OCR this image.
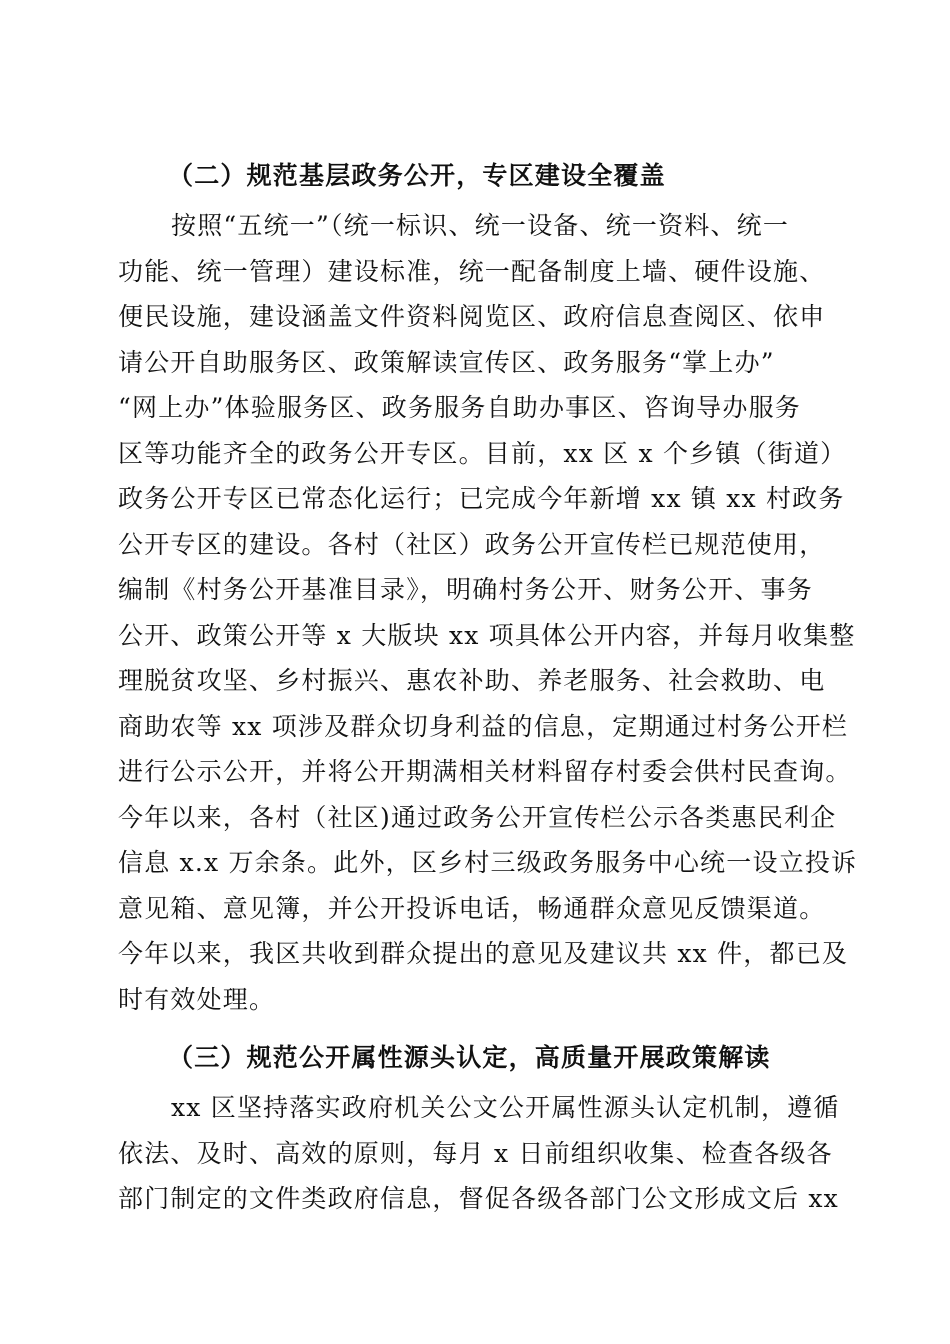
（二）规范基层政务公开，专区建设全覆盖

按照“五统一”（统一标识、统一设备、统一资料、统一

功能、统一管理）建设标准，统一配备制度上墙、硬件设施、

便民设施，建设涵盖文件资料阅览区、政府信息查阅区、依申

请公开自助服务区、政策解读宣传区、政务服务“掌上办”

“网上办”体验服务区、政务服务自助办事区、咨询导办服务

区等功能齐全的政务公开专区。目前，xx 区 x 个乡镇（街道）

政务公开专区已常态化运行；已完成今年新增 xx 镇 xx 村政务

公开专区的建设。各村（社区）政务公开宣传栏已规范使用，

编制《村务公开基准目录》，明确村务公开、财务公开、事务

公开、政策公开等 x 大版块 xx 项具体公开内容，并每月收集整

理脱贫攻坚、乡村振兴、惠农补助、养老服务、社会救助、电

商助农等 xx 项涉及群众切身利益的信息，定期通过村务公开栏

进行公示公开，并将公开期满相关材料留存村委会供村民查询。

今年以来，各村（社区)通过政务公开宣传栏公示各类惠民利企

信息 x.x 万余条。此外，区乡村三级政务服务中心统一设立投诉

意见箱、意见簿，并公开投诉电话，畅通群众意见反馈渠道。

今年以来，我区共收到群众提出的意见及建议共 xx 件，都已及

时有效处理。

（三）规范公开属性源头认定，高质量开展政策解读

xx 区坚持落实政府机关公文公开属性源头认定机制，遵循

依法、及时、高效的原则，每月 x 日前组织收集、检查各级各

部门制定的文件类政府信息，督促各级各部门公文形成文后 xx
